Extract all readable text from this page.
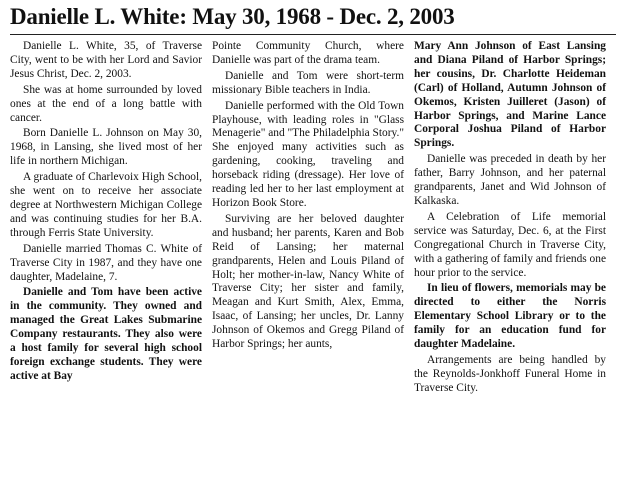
Danielle L. White: May 30, 1968 - Dec. 2, 2003

Danielle L. White, 35, of Traverse City, went to be with her Lord and Savior Jesus Christ, Dec. 2, 2003.

She was at home surrounded by loved ones at the end of a long battle with cancer.

Born Danielle L. Johnson on May 30, 1968, in Lansing, she lived most of her life in northern Michigan.

A graduate of Charlevoix High School, she went on to receive her associate degree at Northwestern Michigan College and was continuing studies for her B.A. through Ferris State University.

Danielle married Thomas C. White of Traverse City in 1987, and they have one daughter, Madelaine, 7.

Danielle and Tom have been active in the community. They owned and managed the Great Lakes Submarine Company restaurants. They also were a host family for several high school foreign exchange students. They were active at Bay

Pointe Community Church, where Danielle was part of the drama team.

Danielle and Tom were short-term missionary Bible teachers in India.

Danielle performed with the Old Town Playhouse, with leading roles in "Glass Menagerie" and "The Philadelphia Story." She enjoyed many activities such as gardening, cooking, traveling and horseback riding (dressage). Her love of reading led her to her last employment at Horizon Book Store.

Surviving are her beloved daughter and husband; her parents, Karen and Bob Reid of Lansing; her maternal grandparents, Helen and Louis Piland of Holt; her mother-in-law, Nancy White of Traverse City; her sister and family, Meagan and Kurt Smith, Alex, Emma, Isaac, of Lansing; her uncles, Dr. Lanny Johnson of Okemos and Gregg Piland of Harbor Springs; her aunts,

Mary Ann Johnson of East Lansing and Diana Piland of Harbor Springs; her cousins, Dr. Charlotte Heideman (Carl) of Holland, Autumn Johnson of Okemos, Kristen Juilleret (Jason) of Harbor Springs, and Marine Lance Corporal Joshua Piland of Harbor Springs.

Danielle was preceded in death by her father, Barry Johnson, and her paternal grandparents, Janet and Wid Johnson of Kalkaska.

A Celebration of Life memorial service was Saturday, Dec. 6, at the First Congregational Church in Traverse City, with a gathering of family and friends one hour prior to the service.

In lieu of flowers, memorials may be directed to either the Norris Elementary School Library or to the family for an education fund for daughter Madelaine.

Arrangements are being handled by the Reynolds-Jonkhoff Funeral Home in Traverse City.
